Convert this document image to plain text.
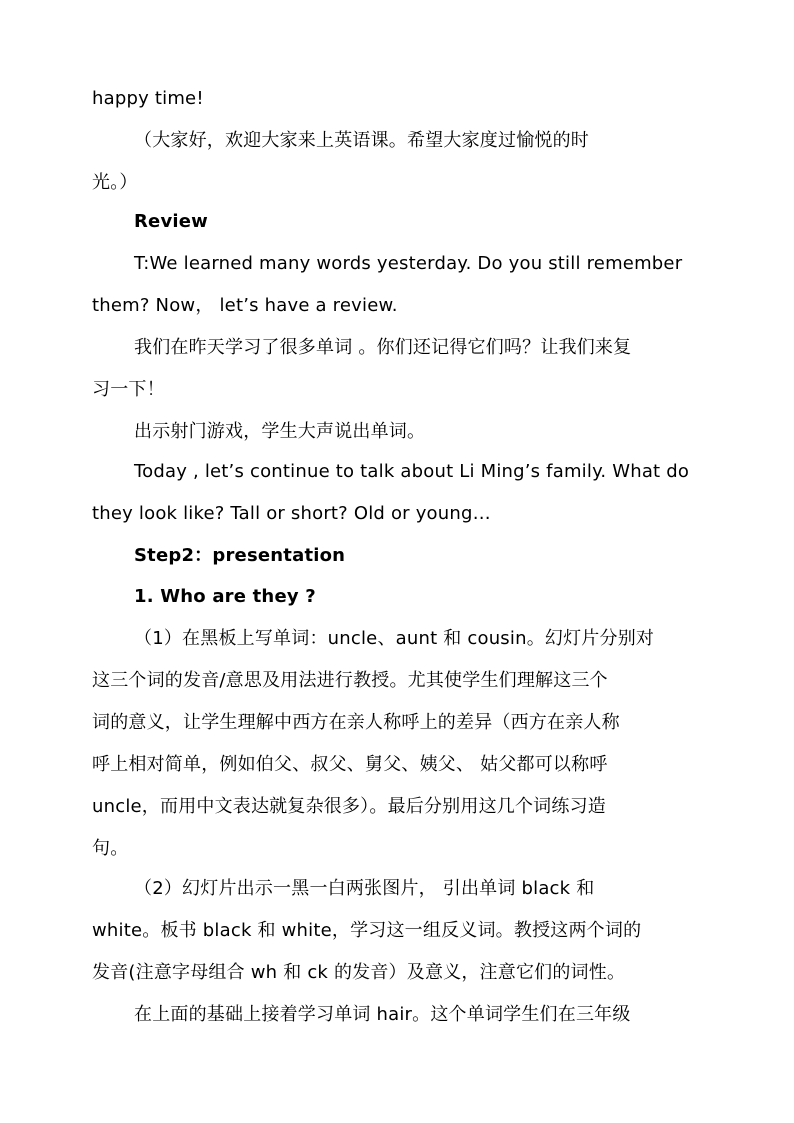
happy time!
（大家好，欢迎大家来上英语课。希望大家度过愉悦的时
光。）
Review
T:We learned many words yesterday. Do you still remember
them? Now， let’s have a review.
我们在昨天学习了很多单词 。你们还记得它们吗？让我们来复
习一下！
出示射门游戏，学生大声说出单词。
Today , let’s continue to talk about Li Ming’s family. What do
they look like? Tall or short? Old or young…
Step2：presentation
1. Who are they ?
（1）在黑板上写单词：uncle、aunt 和 cousin。幻灯片分别对
这三个词的发音/意思及用法进行教授。尤其使学生们理解这三个
词的意义，让学生理解中西方在亲人称呼上的差异（西方在亲人称
呼上相对简单，例如伯父、叔父、舅父、姨父、 姑父都可以称呼
uncle，而用中文表达就复杂很多）。最后分别用这几个词练习造
句。
（2）幻灯片出示一黑一白两张图片， 引出单词 black 和
white。板书 black 和 white，学习这一组反义词。教授这两个词的
发音(注意字母组合 wh 和 ck 的发音）及意义，注意它们的词性。
在上面的基础上接着学习单词 hair。这个单词学生们在三年级
